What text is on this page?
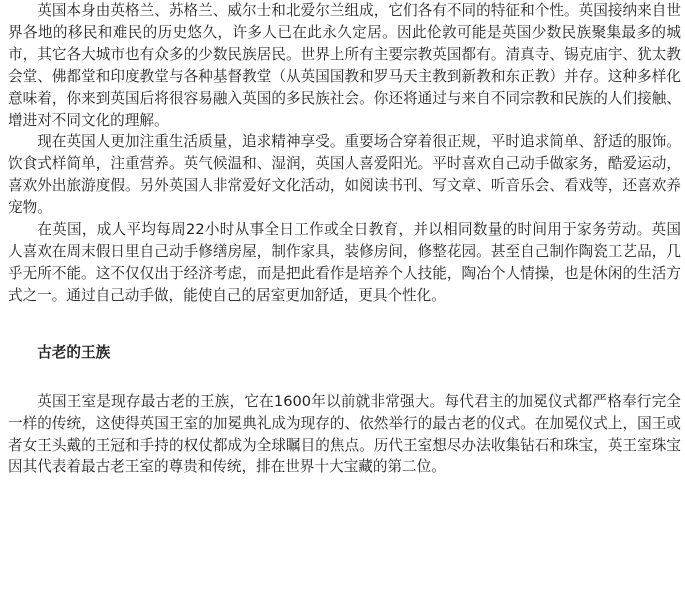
英国本身由英格兰、苏格兰、威尔士和北爱尔兰组成，它们各有不同的特征和个性。英国接纳来自世界各地的移民和难民的历史悠久，许多人已在此永久定居。因此伦敦可能是英国少数民族聚集最多的城市，其它各大城市也有众多的少数民族居民。世界上所有主要宗教英国都有。清真寺、锡克庙宇、犹太教会堂、佛都堂和印度教堂与各种基督教堂（从英国国教和罗马天主教到新教和东正教）并存。这种多样化意味着，你来到英国后将很容易融入英国的多民族社会。你还将通过与来自不同宗教和民族的人们接触、增进对不同文化的理解。

现在英国人更加注重生活质量，追求精神享受。重要场合穿着很正规，平时追求简单、舒适的服饰。饮食式样简单，注重营养。英气候温和、湿润，英国人喜爱阳光。平时喜欢自己动手做家务，酷爱运动，喜欢外出旅游度假。另外英国人非常爱好文化活动，如阅读书刊、写文章、听音乐会、看戏等，还喜欢养宠物。

在英国，成人平均每周22小时从事全日工作或全日教育，并以相同数量的时间用于家务劳动。英国人喜欢在周末假日里自己动手修缮房屋，制作家具，装修房间，修整花园。甚至自己制作陶瓷工艺品，几乎无所不能。这不仅仅出于经济考虑，而是把此看作是培养个人技能，陶冶个人情操，也是休闲的生活方式之一。通过自己动手做，能使自己的居室更加舒适，更具个性化。

古老的王族

英国王室是现存最古老的王族，它在1600年以前就非常强大。每代君主的加冕仪式都严格奉行完全一样的传统，这使得英国王室的加冕典礼成为现存的、依然举行的最古老的仪式。在加冕仪式上，国王或者女王头戴的王冠和手持的权仗都成为全球瞩目的焦点。历代王室想尽办法收集钻石和珠宝，英王室珠宝因其代表着最古老王室的尊贵和传统，排在世界十大宝藏的第二位。
